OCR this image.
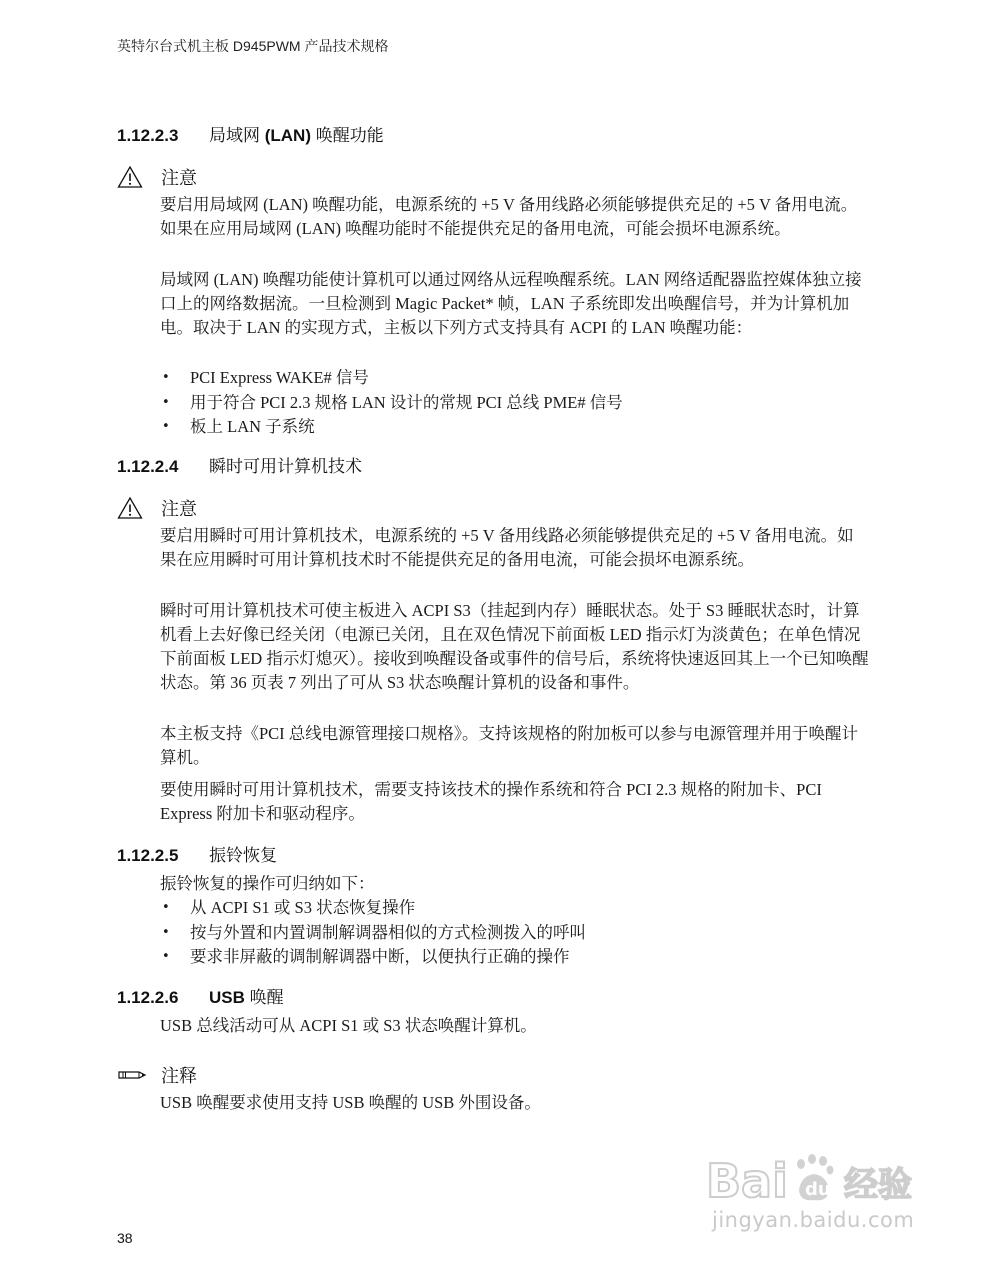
英特尔台式机主板 D945PWM 产品技术规格
1.12.2.3 局域网 (LAN) 唤醒功能
注意
要启用局域网 (LAN) 唤醒功能，电源系统的 +5 V 备用线路必须能够提供充足的 +5 V 备用电流。如果在应用局域网 (LAN) 唤醒功能时不能提供充足的备用电流，可能会损坏电源系统。
局域网 (LAN) 唤醒功能使计算机可以通过网络从远程唤醒系统。LAN 网络适配器监控媒体独立接口上的网络数据流。一旦检测到 Magic Packet* 帧，LAN 子系统即发出唤醒信号，并为计算机加电。取决于 LAN 的实现方式，主板以下列方式支持具有 ACPI 的 LAN 唤醒功能：
• PCI Express WAKE# 信号
• 用于符合 PCI 2.3 规格 LAN 设计的常规 PCI 总线 PME# 信号
• 板上 LAN 子系统
1.12.2.4 瞬时可用计算机技术
注意
要启用瞬时可用计算机技术，电源系统的 +5 V 备用线路必须能够提供充足的 +5 V 备用电流。如果在应用瞬时可用计算机技术时不能提供充足的备用电流，可能会损坏电源系统。
瞬时可用计算机技术可使主板进入 ACPI S3（挂起到内存）睡眠状态。处于 S3 睡眠状态时，计算机看上去好像已经关闭（电源已关闭，且在双色情况下前面板 LED 指示灯为淡黄色；在单色情况下前面板 LED 指示灯熄灭）。接收到唤醒设备或事件的信号后，系统将快速返回其上一个已知唤醒状态。第 36 页表 7 列出了可从 S3 状态唤醒计算机的设备和事件。
本主板支持《PCI 总线电源管理接口规格》。支持该规格的附加板可以参与电源管理并用于唤醒计算机。
要使用瞬时可用计算机技术，需要支持该技术的操作系统和符合 PCI 2.3 规格的附加卡、PCI Express 附加卡和驱动程序。
1.12.2.5 振铃恢复
振铃恢复的操作可归纳如下：
• 从 ACPI S1 或 S3 状态恢复操作
• 按与外置和内置调制解调器相似的方式检测拨入的呼叫
• 要求非屏蔽的调制解调器中断，以便执行正确的操作
1.12.2.6 USB 唤醒
USB 总线活动可从 ACPI S1 或 S3 状态唤醒计算机。
注释
USB 唤醒要求使用支持 USB 唤醒的 USB 外围设备。
38
Bai du 经验
jingyan.baidu.com
